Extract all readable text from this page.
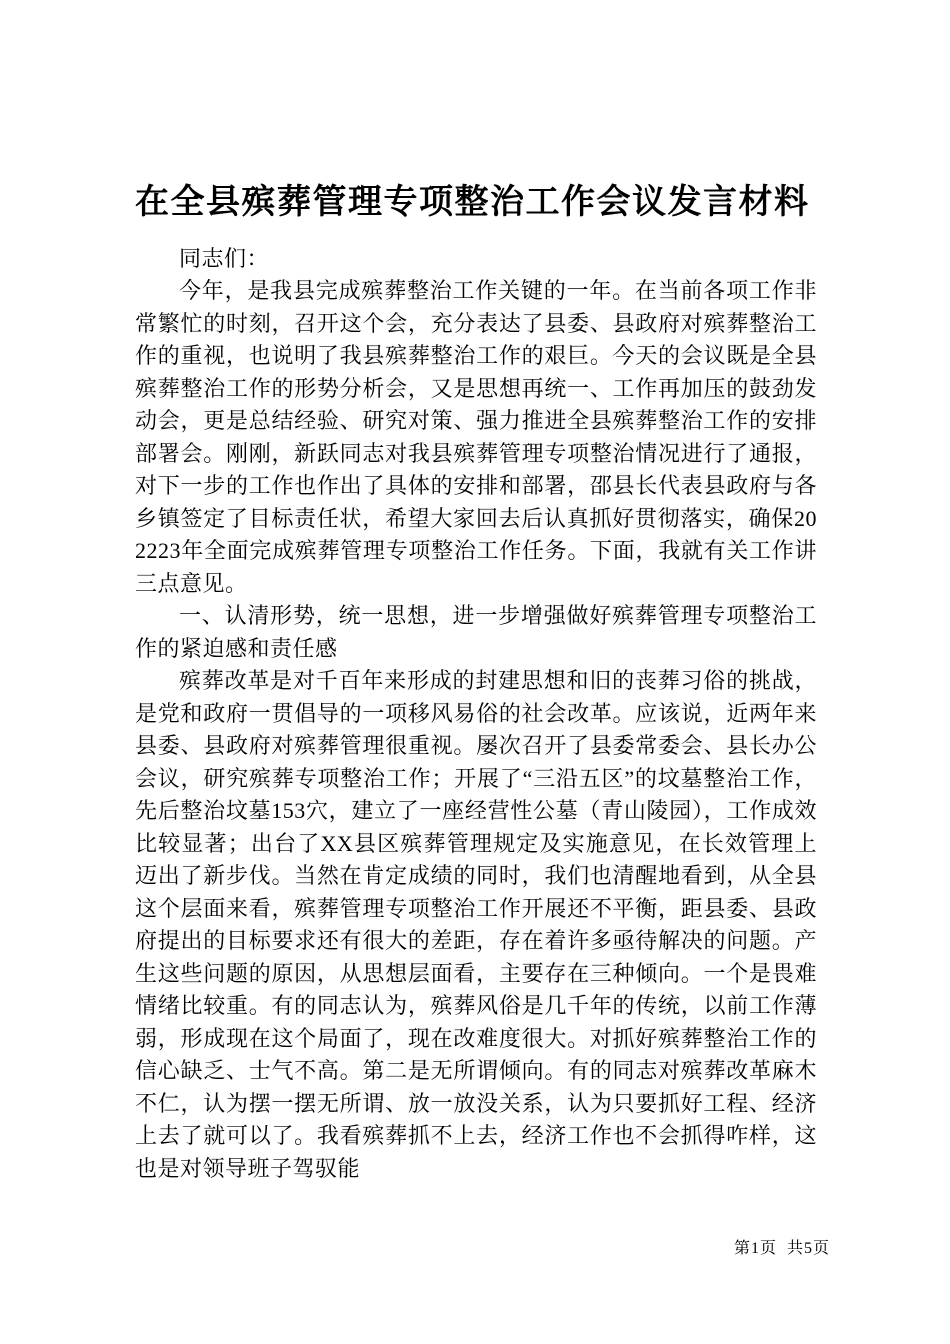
在全县殡葬管理专项整治工作会议发言材料

同志们：

今年，是我县完成殡葬整治工作关键的一年。在当前各项工作非常繁忙的时刻，召开这个会，充分表达了县委、县政府对殡葬整治工作的重视，也说明了我县殡葬整治工作的艰巨。今天的会议既是全县殡葬整治工作的形势分析会，又是思想再统一、工作再加压的鼓劲发动会，更是总结经验、研究对策、强力推进全县殡葬整治工作的安排部署会。刚刚，新跃同志对我县殡葬管理专项整治情况进行了通报，对下一步的工作也作出了具体的安排和部署，邵县长代表县政府与各乡镇签定了目标责任状，希望大家回去后认真抓好贯彻落实，确保202223年全面完成殡葬管理专项整治工作任务。下面，我就有关工作讲三点意见。

一、认清形势，统一思想，进一步增强做好殡葬管理专项整治工作的紧迫感和责任感

殡葬改革是对千百年来形成的封建思想和旧的丧葬习俗的挑战，是党和政府一贯倡导的一项移风易俗的社会改革。应该说，近两年来县委、县政府对殡葬管理很重视。屡次召开了县委常委会、县长办公会议，研究殡葬专项整治工作；开展了“三沿五区”的坟墓整治工作，先后整治坟墓153穴，建立了一座经营性公墓（青山陵园），工作成效比较显著；出台了XX县区殡葬管理规定及实施意见，在长效管理上迈出了新步伐。当然在肯定成绩的同时，我们也清醒地看到，从全县这个层面来看，殡葬管理专项整治工作开展还不平衡，距县委、县政府提出的目标要求还有很大的差距，存在着许多亟待解决的问题。产生这些问题的原因，从思想层面看，主要存在三种倾向。一个是畏难情绪比较重。有的同志认为，殡葬风俗是几千年的传统，以前工作薄弱，形成现在这个局面了，现在改难度很大。对抓好殡葬整治工作的信心缺乏、士气不高。第二是无所谓倾向。有的同志对殡葬改革麻木不仁，认为摆一摆无所谓、放一放没关系，认为只要抓好工程、经济上去了就可以了。我看殡葬抓不上去，经济工作也不会抓得咋样，这也是对领导班子驾驭能

第1页 共5页
